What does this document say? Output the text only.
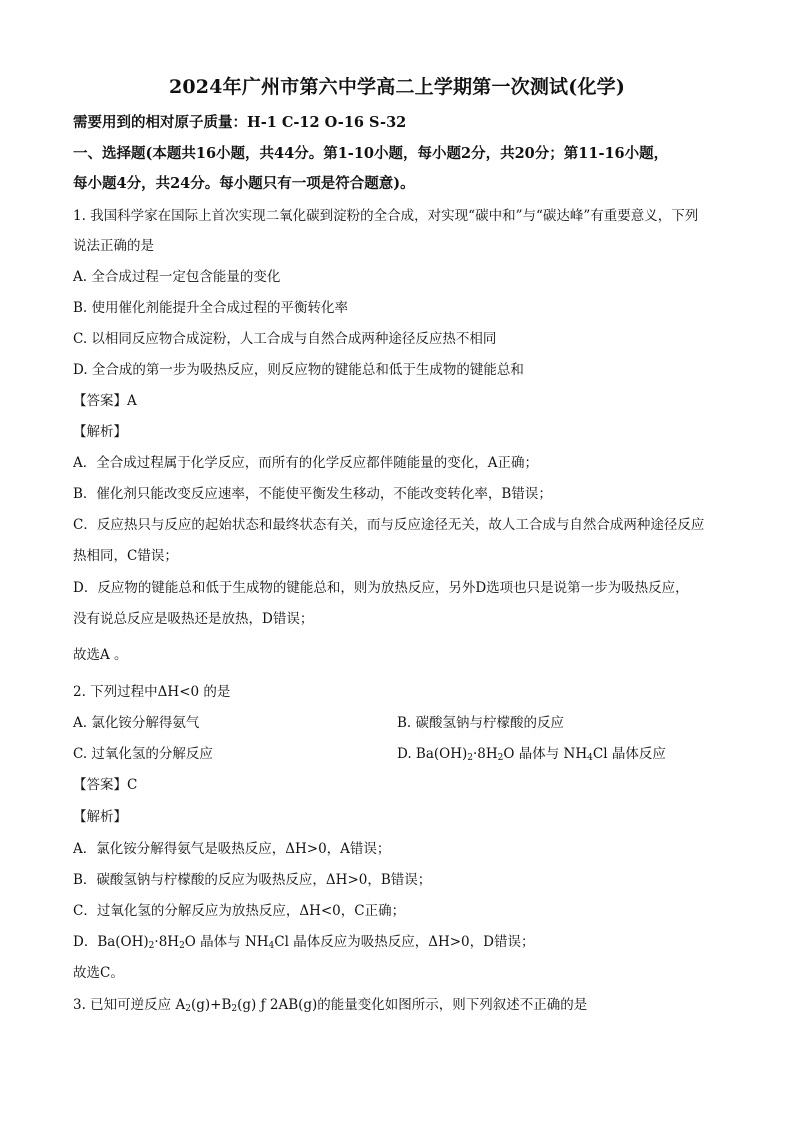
2024年广州市第六中学高二上学期第一次测试(化学)
需要用到的相对原子质量：H-1 C-12 O-16 S-32
一、选择题(本题共16小题，共44分。第1-10小题，每小题2分，共20分；第11-16小题，
每小题4分，共24分。每小题只有一项是符合题意)。
1. 我国科学家在国际上首次实现二氧化碳到淀粉的全合成，对实现“碳中和”与“碳达峰”有重要意义，下列
说法正确的是
A. 全合成过程一定包含能量的变化
B. 使用催化剂能提升全合成过程的平衡转化率
C. 以相同反应物合成淀粉，人工合成与自然合成两种途径反应热不相同
D. 全合成的第一步为吸热反应，则反应物的键能总和低于生成物的键能总和
【答案】A
【解析】
A．全合成过程属于化学反应，而所有的化学反应都伴随能量的变化，A正确；
B．催化剂只能改变反应速率，不能使平衡发生移动，不能改变转化率，B错误；
C．反应热只与反应的起始状态和最终状态有关，而与反应途径无关，故人工合成与自然合成两种途径反应
热相同，C错误；
D．反应物的键能总和低于生成物的键能总和，则为放热反应，另外D选项也只是说第一步为吸热反应，
没有说总反应是吸热还是放热，D错误；
故选A 。
2. 下列过程中ΔH<0 的是
A. 氯化铵分解得氨气	B. 碳酸氢钠与柠檬酸的反应
C. 过氧化氢的分解反应	D. $Ba(OH)_2\cdot 8H_2O$ 晶体与 $NH_4Cl$ 晶体反应
【答案】C
【解析】
A．氯化铵分解得氨气是吸热反应，ΔH>0，A错误；
B．碳酸氢钠与柠檬酸的反应为吸热反应，ΔH>0，B错误；
C．过氧化氢的分解反应为放热反应，ΔH<0，C正确；
D．$Ba(OH)_2\cdot 8H_2O$ 晶体与 $NH_4Cl$ 晶体反应为吸热反应，ΔH>0，D错误；
故选C。
3. 已知可逆反应 $A_2(g)+B_2(g)$ ƒ 2AB(g)的能量变化如图所示，则下列叙述不正确的是
